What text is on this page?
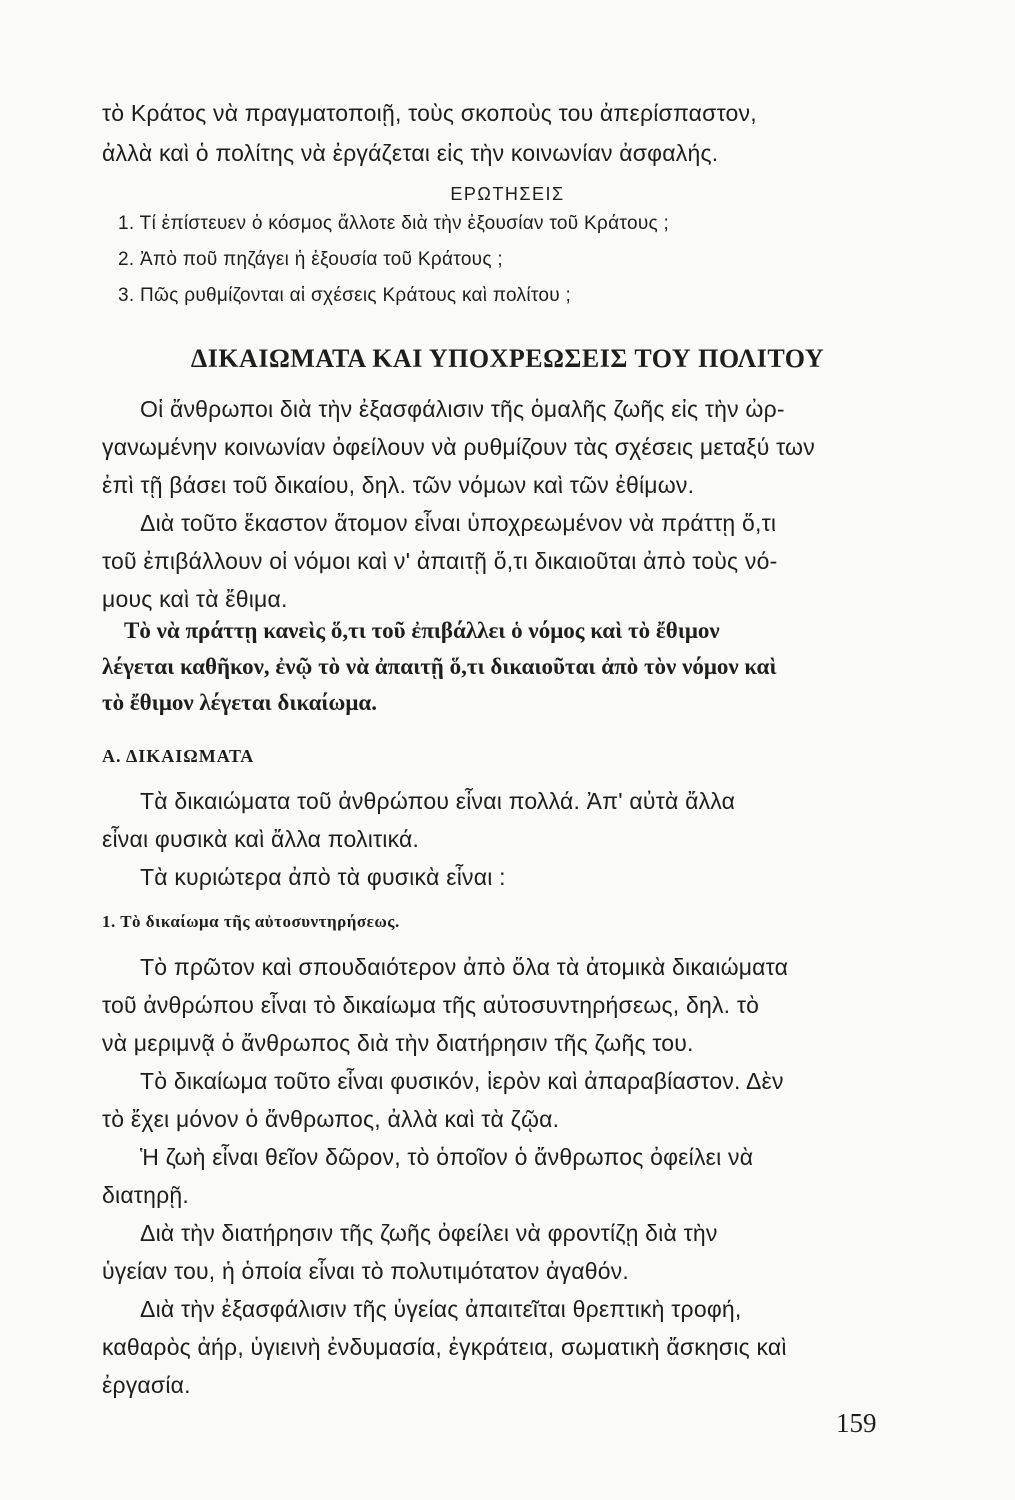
τὸ Κράτος νὰ πραγματοποιῇ, τοὺς σκοποὺς του ἀπερίσπαστον,
ἀλλὰ καὶ ὁ πολίτης νὰ ἐργάζεται εἰς τὴν κοινωνίαν ἀσφαλής.
ΕΡΩΤΗΣΕΙΣ
1. Τί ἐπίστευεν ὁ κόσμος ἄλλοτε διὰ τὴν ἐξουσίαν τοῦ Κράτους ;
2. Ἀπὸ ποῦ πηζάγει ἡ ἐξουσία τοῦ Κράτους ;
3. Πῶς ρυθμίζονται αἱ σχέσεις Κράτους καὶ πολίτου ;
ΔΙΚΑΙΩΜΑΤΑ ΚΑΙ ΥΠΟΧΡΕΩΣΕΙΣ ΤΟΥ ΠΟΛΙΤΟΥ
Οἱ ἄνθρωποι διὰ τὴν ἐξασφάλισιν τῆς ὁμαλῆς ζωῆς εἰς τὴν ὠρ-
γανωμένην κοινωνίαν ὀφείλουν νὰ ρυθμίζουν τὰς σχέσεις μεταξύ των
ἐπὶ τῇ βάσει τοῦ δικαίου, δηλ. τῶν νόμων καὶ τῶν ἐθίμων.
Διὰ τοῦτο ἕκαστον ἄτομον εἶναι ὑποχρεωμένον νὰ πράττῃ ὅ,τι
τοῦ ἐπιβάλλουν οἱ νόμοι καὶ ν' ἀπαιτῇ ὅ,τι δικαιοῦται ἀπὸ τοὺς νό-
μους καὶ τὰ ἔθιμα.
Τὸ νὰ πράττῃ κανεὶς ὅ,τι τοῦ ἐπιβάλλει ὁ νόμος καὶ τὸ ἔθιμον
λέγεται καθῆκον, ἐνῷ τὸ νὰ ἀπαιτῇ ὅ,τι δικαιοῦται ἀπὸ τὸν νόμον καὶ
τὸ ἔθιμον λέγεται δικαίωμα.
Α. ΔΙΚΑΙΩΜΑΤΑ
Τὰ δικαιώματα τοῦ ἀνθρώπου εἶναι πολλά. Ἀπ' αὐτὰ ἄλλα
εἶναι φυσικὰ καὶ ἄλλα πολιτικά.
Τὰ κυριώτερα ἀπὸ τὰ φυσικὰ εἶναι :
1. Τὸ δικαίωμα τῆς αὐτοσυντηρήσεως.
Τὸ πρῶτον καὶ σπουδαιότερον ἀπὸ ὅλα τὰ ἀτομικὰ δικαιώματα
τοῦ ἀνθρώπου εἶναι τὸ δικαίωμα τῆς αὐτοσυντηρήσεως, δηλ. τὸ
νὰ μεριμνᾷ ὁ ἄνθρωπος διὰ τὴν διατήρησιν τῆς ζωῆς του.
Τὸ δικαίωμα τοῦτο εἶναι φυσικόν, ἱερὸν καὶ ἀπαραβίαστον. Δὲν
τὸ ἔχει μόνον ὁ ἄνθρωπος, ἀλλὰ καὶ τὰ ζῷα.
Ἡ ζωὴ εἶναι θεῖον δῶρον, τὸ ὁποῖον ὁ ἄνθρωπος ὀφείλει νὰ
διατηρῇ.
Διὰ τὴν διατήρησιν τῆς ζωῆς ὀφείλει νὰ φροντίζῃ διὰ τὴν
ὑγείαν του, ἡ ὁποία εἶναι τὸ πολυτιμότατον ἀγαθόν.
Διὰ τὴν ἐξασφάλισιν τῆς ὑγείας ἀπαιτεῖται θρεπτικὴ τροφή,
καθαρὸς ἀήρ, ὑγιεινὴ ἐνδυμασία, ἐγκράτεια, σωματικὴ ἄσκησις καὶ
ἐργασία.
159
